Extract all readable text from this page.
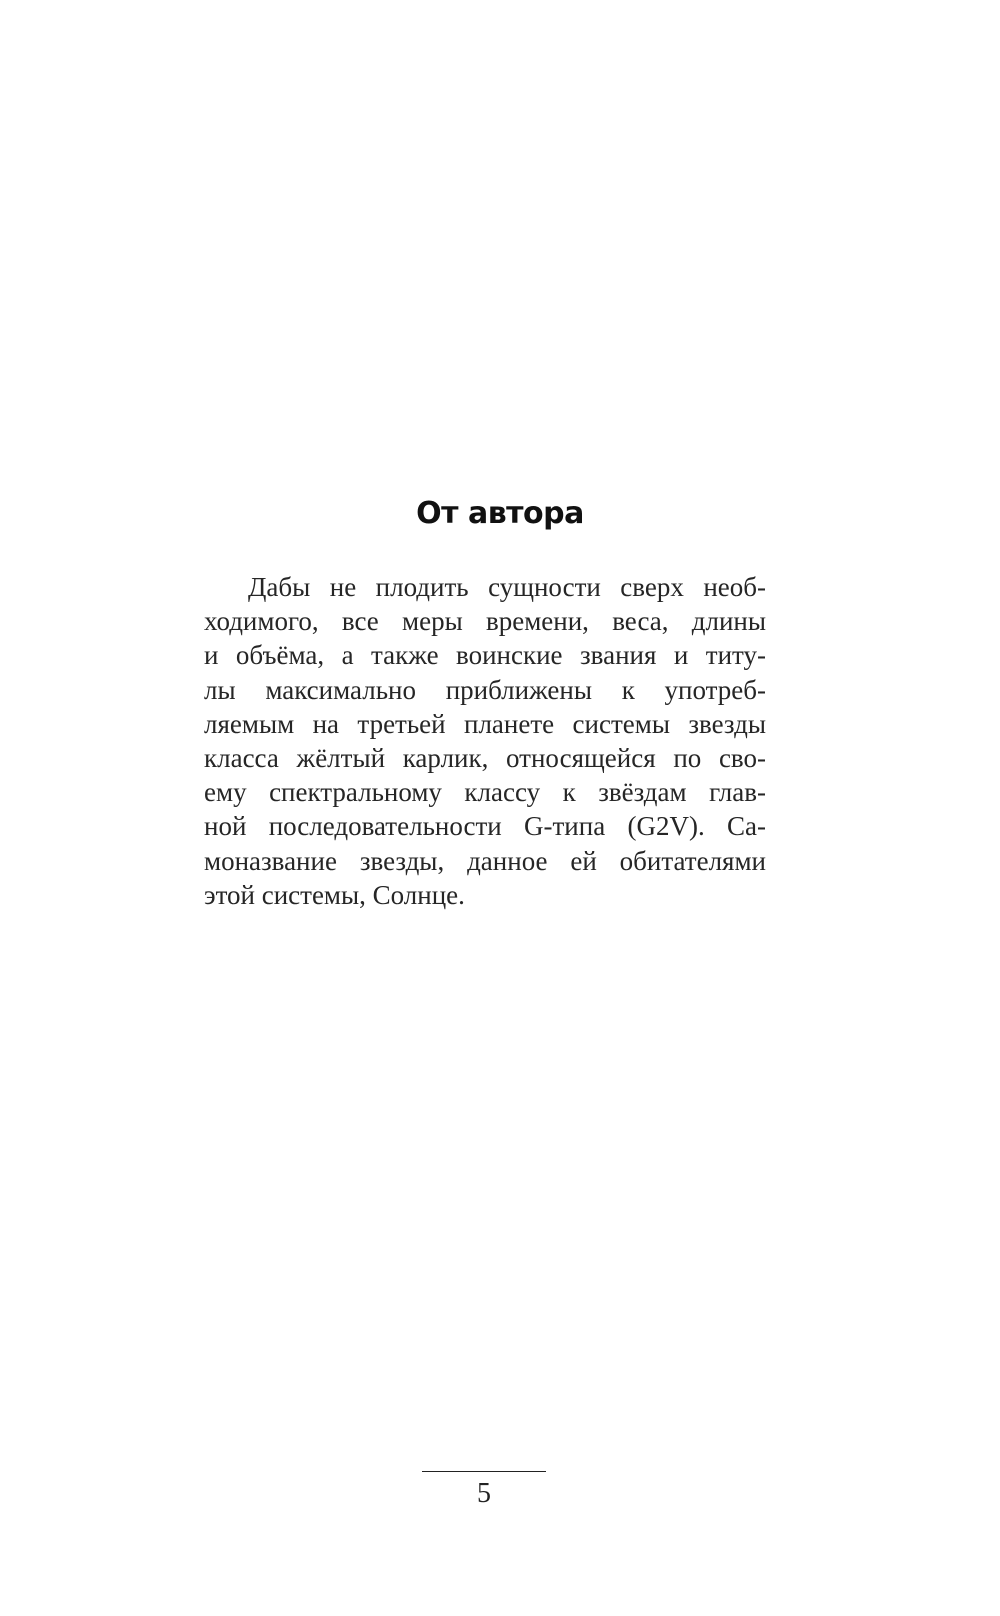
От автора
Дабы не плодить сущности сверх необ-
ходимого, все меры времени, веса, длины
и объёма, а также воинские звания и титу-
лы максимально приближены к употреб-
ляемым на третьей планете системы звезды
класса жёлтый карлик, относящейся по сво-
ему спектральному классу к звёздам глав-
ной последовательности G-типа (G2V). Са-
моназвание звезды, данное ей обитателями
этой системы, Солнце.
5
